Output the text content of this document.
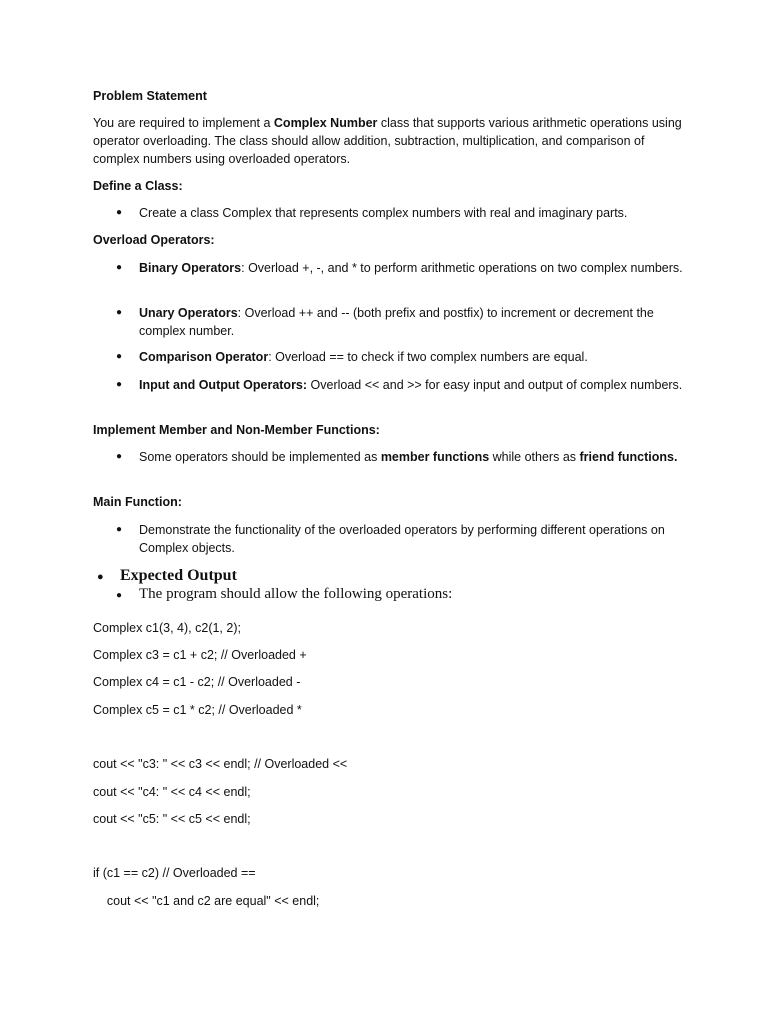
Problem Statement

You are required to implement a Complex Number class that supports various arithmetic operations using operator overloading. The class should allow addition, subtraction, multiplication, and comparison of complex numbers using overloaded operators.

Define a Class:

● Create a class Complex that represents complex numbers with real and imaginary parts.

Overload Operators:

● Binary Operators: Overload +, -, and * to perform arithmetic operations on two complex numbers.

● Unary Operators: Overload ++ and -- (both prefix and postfix) to increment or decrement the complex number.

● Comparison Operator: Overload == to check if two complex numbers are equal.

● Input and Output Operators: Overload << and >> for easy input and output of complex numbers.

Implement Member and Non-Member Functions:

● Some operators should be implemented as member functions while others as friend functions.

Main Function:

● Demonstrate the functionality of the overloaded operators by performing different operations on Complex objects.

● Expected Output

● The program should allow the following operations:

Complex c1(3, 4), c2(1, 2);

Complex c3 = c1 + c2; // Overloaded +

Complex c4 = c1 - c2; // Overloaded -

Complex c5 = c1 * c2; // Overloaded *

cout << "c3: " << c3 << endl; // Overloaded <<

cout << "c4: " << c4 << endl;

cout << "c5: " << c5 << endl;

if (c1 == c2) // Overloaded ==

cout << "c1 and c2 are equal" << endl;
